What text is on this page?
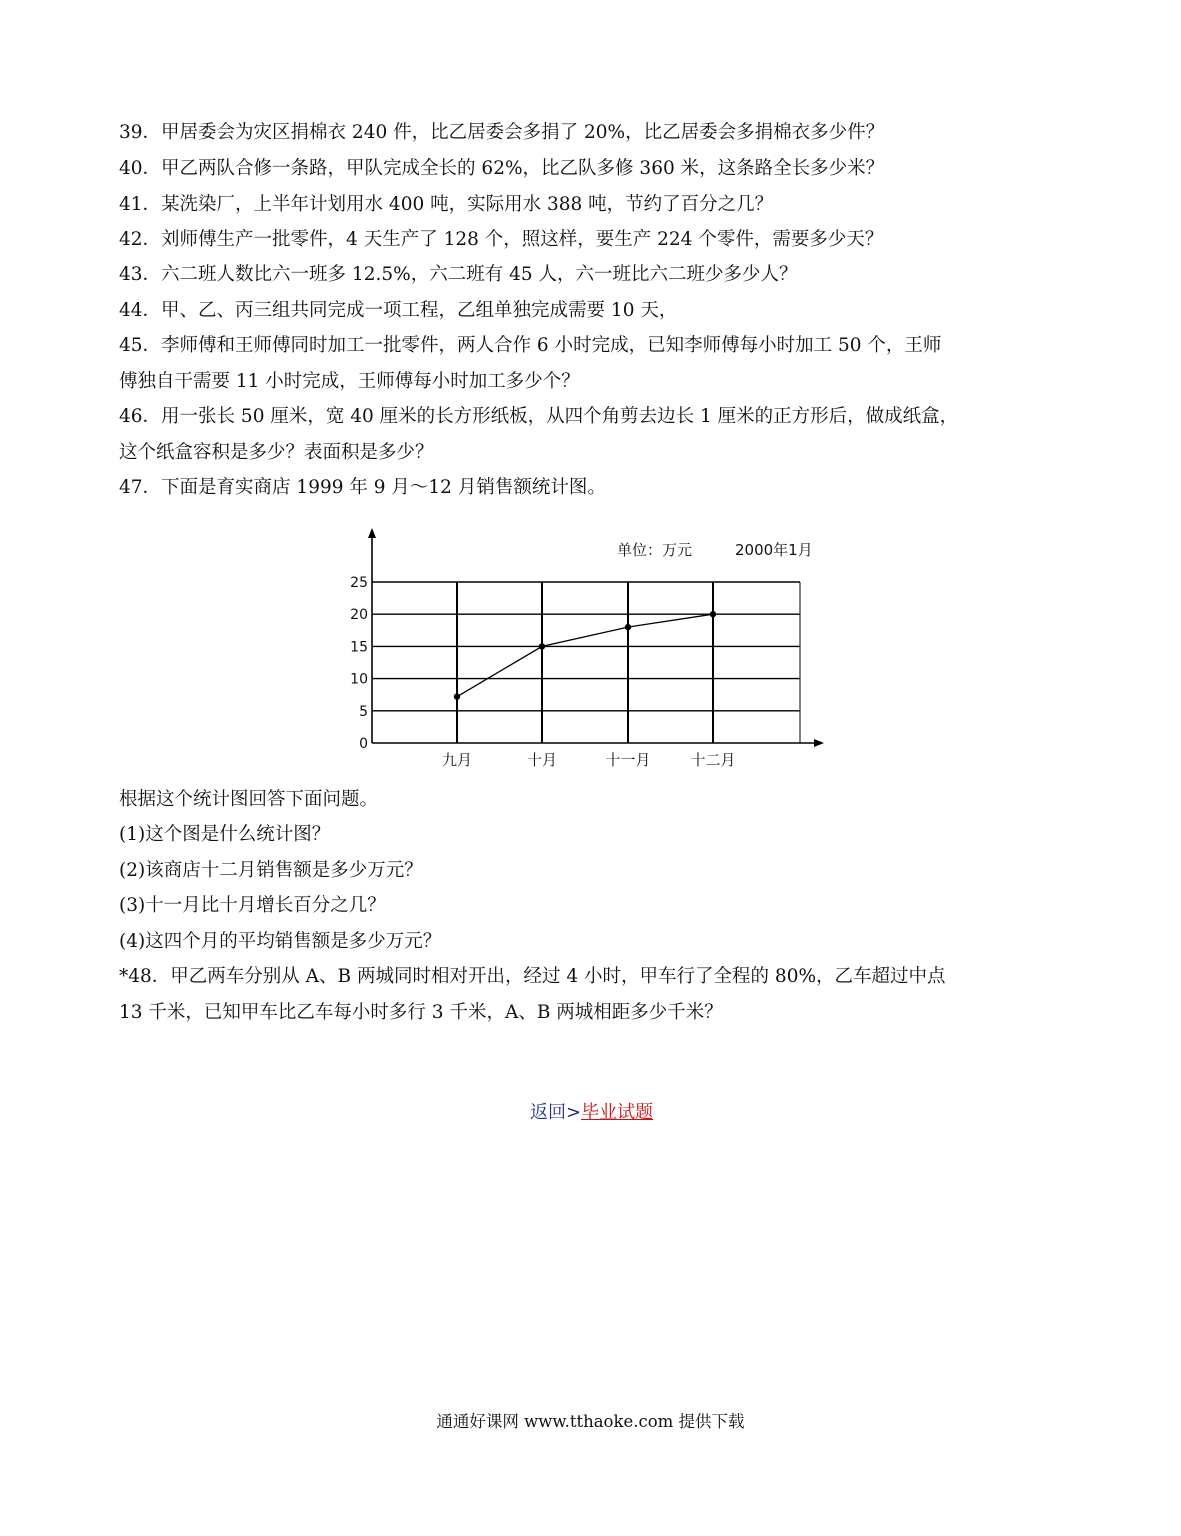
39．甲居委会为灾区捐棉衣 240 件，比乙居委会多捐了 20%，比乙居委会多捐棉衣多少件？
40．甲乙两队合修一条路，甲队完成全长的 62%，比乙队多修 360 米，这条路全长多少米？
41．某洗染厂，上半年计划用水 400 吨，实际用水 388 吨，节约了百分之几？
42．刘师傅生产一批零件，4 天生产了 128 个，照这样，要生产 224 个零件，需要多少天？
43．六二班人数比六一班多 12.5%，六二班有 45 人，六一班比六二班少多少人？
44．甲、乙、丙三组共同完成一项工程，乙组单独完成需要 10 天，
45．李师傅和王师傅同时加工一批零件，两人合作 6 小时完成，已知李师傅每小时加工 50 个，王师
傅独自干需要 11 小时完成，王师傅每小时加工多少个？
46．用一张长 50 厘米，宽 40 厘米的长方形纸板，从四个角剪去边长 1 厘米的正方形后，做成纸盒，
这个纸盒容积是多少？表面积是多少？
47．下面是育实商店 1999 年 9 月～12 月销售额统计图。
单位：万元	2000年1月
0
5
10
15
20
25
九月	十月	十一月	十二月
根据这个统计图回答下面问题。
(1)这个图是什么统计图？
(2)该商店十二月销售额是多少万元？
(3)十一月比十月增长百分之几？
(4)这四个月的平均销售额是多少万元？
*48．甲乙两车分别从 A、B 两城同时相对开出，经过 4 小时，甲车行了全程的 80%，乙车超过中点
13 千米，已知甲车比乙车每小时多行 3 千米，A、B 两城相距多少千米？
返回>毕业试题
通通好课网 www.tthaoke.com 提供下载
